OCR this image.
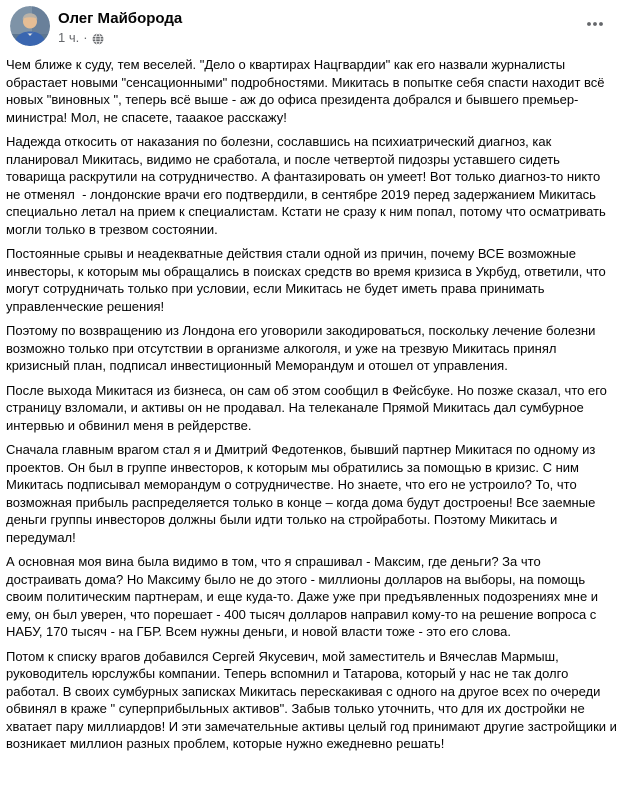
Олег Майборода
1 ч. ·

Чем ближе к суду, тем веселей. "Дело о квартирах Нацгвардии" как его назвали журналисты обрастает новыми "сенсационными" подробностями. Микитась в попытке себя спасти находит всё новых "виновных ", теперь всё выше - аж до офиса президента добрался и бывшего премьер-министра! Мол, не спасете, тааакое расскажу!

Надежда откосить от наказания по болезни, сославшись на психиатрический диагноз, как планировал Микитась, видимо не сработала, и после четвертой пидозры уставшего сидеть товарища раскрутили на сотрудничество. А фантазировать он умеет! Вот только диагноз-то никто не отменял  - лондонские врачи его подтвердили, в сентябре 2019 перед задержанием Микитась специально летал на прием к специалистам. Кстати не сразу к ним попал, потому что осматривать могли только в трезвом состоянии.

Постоянные срывы и неадекватные действия стали одной из причин, почему ВСЕ возможные инвесторы, к которым мы обращались в поисках средств во время кризиса в Укрбуд, ответили, что могут сотрудничать только при условии, если Микитась не будет иметь права принимать управленческие решения!

Поэтому по возвращению из Лондона его уговорили закодироваться, поскольку лечение болезни возможно только при отсутствии в организме алкоголя, и уже на трезвую Микитась принял кризисный план, подписал инвестиционный Меморандум и отошел от управления.

После выхода Микитася из бизнеса, он сам об этом сообщил в Фейсбуке. Но позже сказал, что его страницу взломали, и активы он не продавал. На телеканале Прямой Микитась дал сумбурное интервью и обвинил меня в рейдерстве.

Сначала главным врагом стал я и Дмитрий Федотенков, бывший партнер Микитася по одному из проектов. Он был в группе инвесторов, к которым мы обратились за помощью в кризис. С ним Микитась подписывал меморандум о сотрудничестве. Но знаете, что его не устроило? То, что возможная прибыль распределяется только в конце – когда дома будут достроены! Все заемные деньги группы инвесторов должны были идти только на стройработы. Поэтому Микитась и передумал!

А основная моя вина была видимо в том, что я спрашивал - Максим, где деньги? За что достраивать дома? Но Максиму было не до этого - миллионы долларов на выборы, на помощь своим политическим партнерам, и еще куда-то. Даже уже при предъявленных подозрениях мне и ему, он был уверен, что порешает - 400 тысяч долларов направил кому-то на решение вопроса с НАБУ, 170 тысяч - на ГБР. Всем нужны деньги, и новой власти тоже - это его слова.

Потом к списку врагов добавился Сергей Якусевич, мой заместитель и Вячеслав Мармыш, руководитель юрслужбы компании. Теперь вспомнил и Татарова, который у нас не так долго работал. В своих сумбурных записках Микитась перескакивая с одного на другое всех по очереди обвинял в краже " суперприбыльных активов". Забыв только уточнить, что для их достройки не хватает пару миллиардов! И эти замечательные активы целый год принимают другие застройщики и возникает миллион разных проблем, которые нужно ежедневно решать!
